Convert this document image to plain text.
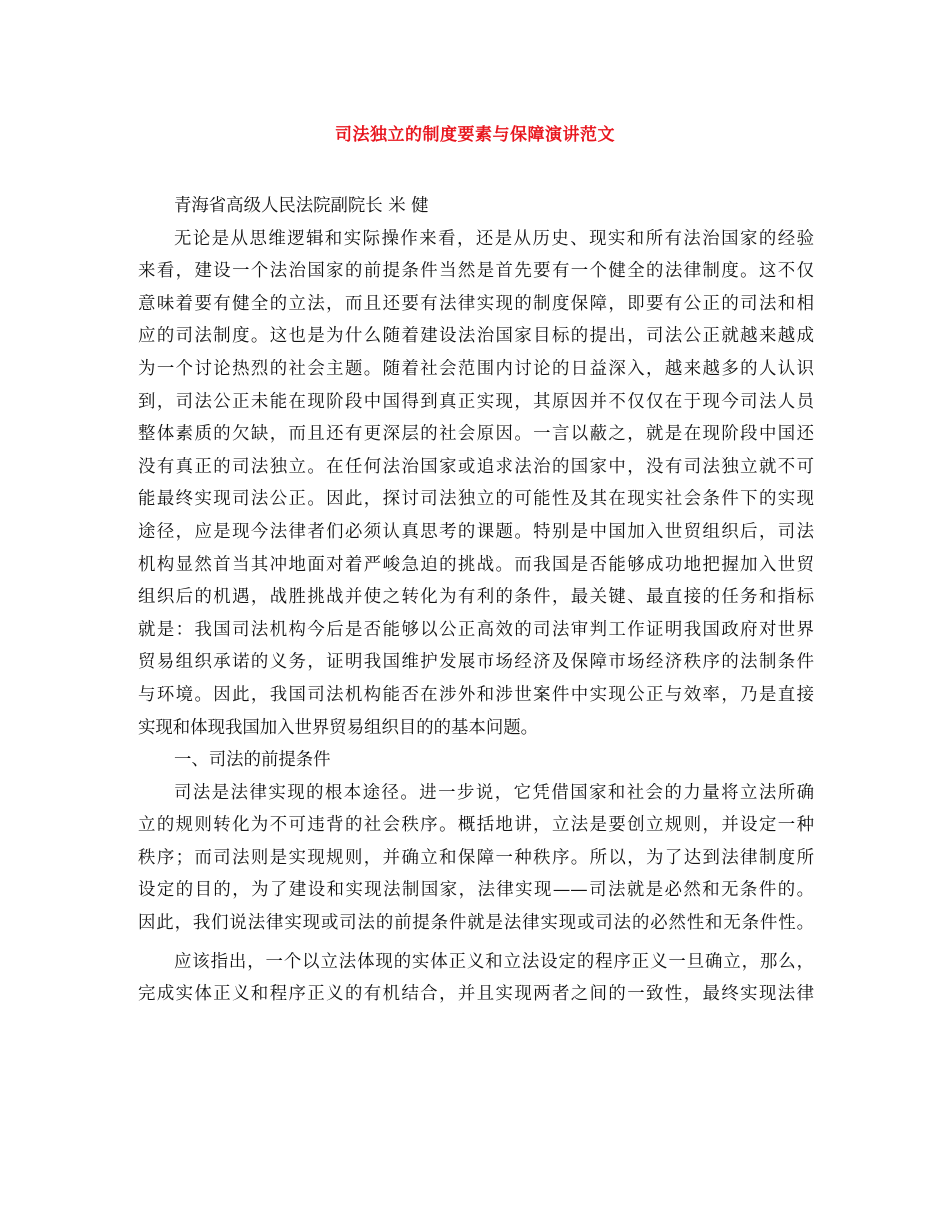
司法独立的制度要素与保障演讲范文
青海省高级人民法院副院长 米 健
无论是从思维逻辑和实际操作来看，还是从历史、现实和所有法治国家的经验
来看，建设一个法治国家的前提条件当然是首先要有一个健全的法律制度。这不仅
意味着要有健全的立法，而且还要有法律实现的制度保障，即要有公正的司法和相
应的司法制度。这也是为什么随着建设法治国家目标的提出，司法公正就越来越成
为一个讨论热烈的社会主题。随着社会范围内讨论的日益深入，越来越多的人认识
到，司法公正未能在现阶段中国得到真正实现，其原因并不仅仅在于现今司法人员
整体素质的欠缺，而且还有更深层的社会原因。一言以蔽之，就是在现阶段中国还
没有真正的司法独立。在任何法治国家或追求法治的国家中，没有司法独立就不可
能最终实现司法公正。因此，探讨司法独立的可能性及其在现实社会条件下的实现
途径，应是现今法律者们必须认真思考的课题。特别是中国加入世贸组织后，司法
机构显然首当其冲地面对着严峻急迫的挑战。而我国是否能够成功地把握加入世贸
组织后的机遇，战胜挑战并使之转化为有利的条件，最关键、最直接的任务和指标
就是：我国司法机构今后是否能够以公正高效的司法审判工作证明我国政府对世界
贸易组织承诺的义务，证明我国维护发展市场经济及保障市场经济秩序的法制条件
与环境。因此，我国司法机构能否在涉外和涉世案件中实现公正与效率，乃是直接
实现和体现我国加入世界贸易组织目的的基本问题。
一、司法的前提条件
司法是法律实现的根本途径。进一步说，它凭借国家和社会的力量将立法所确
立的规则转化为不可违背的社会秩序。概括地讲，立法是要创立规则，并设定一种
秩序；而司法则是实现规则，并确立和保障一种秩序。所以，为了达到法律制度所
设定的目的，为了建设和实现法制国家，法律实现——司法就是必然和无条件的。
因此，我们说法律实现或司法的前提条件就是法律实现或司法的必然性和无条件性。
应该指出，一个以立法体现的实体正义和立法设定的程序正义一旦确立，那么，
完成实体正义和程序正义的有机结合，并且实现两者之间的一致性，最终实现法律
